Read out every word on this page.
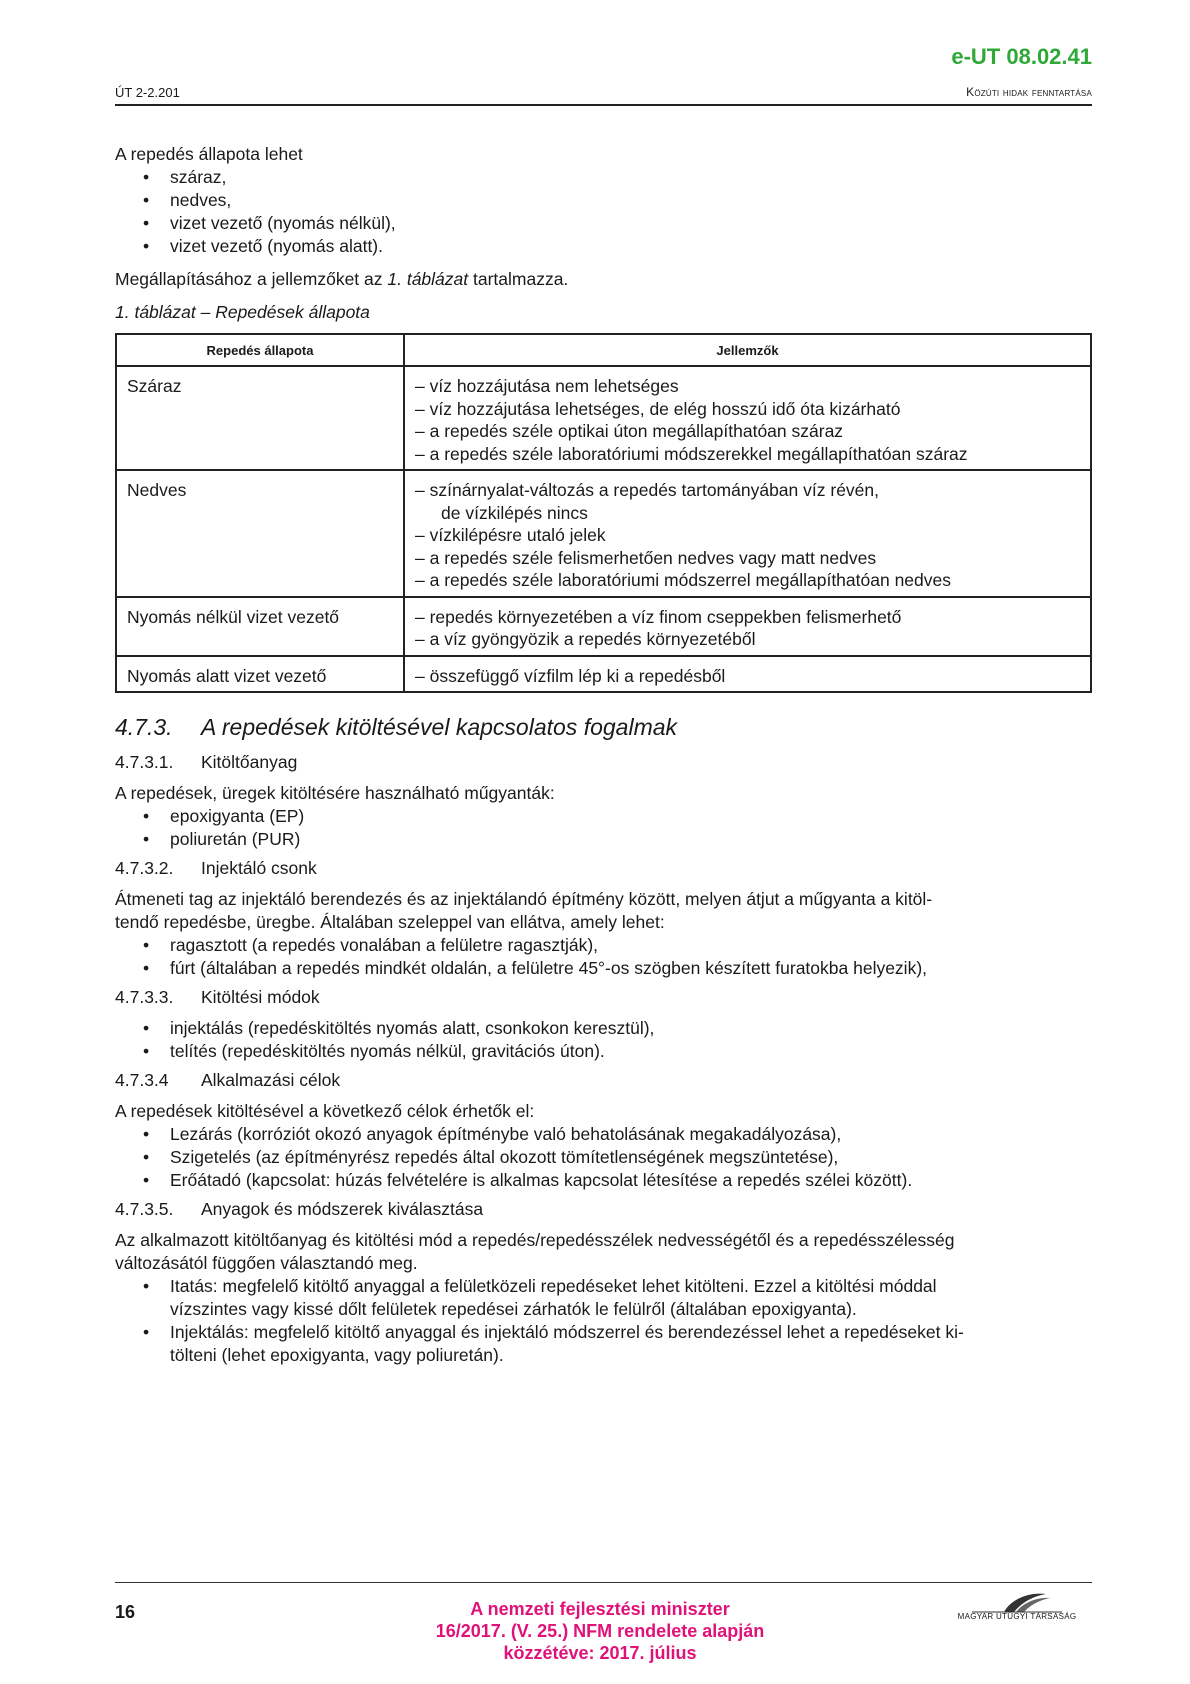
e-UT 08.02.41
ÚT 2-2.201	Közúti hidak fenntartása

A repedés állapota lehet

• száraz,
• nedves,
• vizet vezető (nyomás nélkül),
• vizet vezető (nyomás alatt).

Megállapításához a jellemzőket az 1. táblázat tartalmazza.

1. táblázat – Repedések állapota

Repedés állapota	Jellemzők
Száraz	– víz hozzájutása nem lehetséges
– víz hozzájutása lehetséges, de elég hosszú idő óta kizárható
– a repedés széle optikai úton megállapíthatóan száraz
– a repedés széle laboratóriumi módszerekkel megállapíthatóan száraz

Nedves	– színárnyalat-változás a repedés tartományában víz révén,
de vízkilépés nincs
– vízkilépésre utaló jelek
– a repedés széle felismerhetően nedves vagy matt nedves
– a repedés széle laboratóriumi módszerrel megállapíthatóan nedves

Nyomás nélkül vizet vezető	– repedés környezetében a víz finom cseppekben felismerhető
– a víz gyöngyözik a repedés környezetéből

Nyomás alatt vizet vezető	– összefüggő vízfilm lép ki a repedésből
4.7.3. A repedések kitöltésével kapcsolatos fogalmak
4.7.3.1. Kitöltőanyag

A repedések, üregek kitöltésére használható műgyanták:

• epoxigyanta (EP)
• poliuretán (PUR)
4.7.3.2. Injektáló csonk

Átmeneti tag az injektáló berendezés és az injektálandó építmény között, melyen átjut a műgyanta a kitöl-
tendő repedésbe, üregbe. Általában szeleppel van ellátva, amely lehet:

• ragasztott (a repedés vonalában a felületre ragasztják),
• fúrt (általában a repedés mindkét oldalán, a felületre 45°-os szögben készített furatokba helyezik),
4.7.3.3. Kitöltési módok
• injektálás (repedéskitöltés nyomás alatt, csonkokon keresztül),
• telítés (repedéskitöltés nyomás nélkül, gravitációs úton).
4.7.3.4 Alkalmazási célok

A repedések kitöltésével a következő célok érhetők el:

• Lezárás (korróziót okozó anyagok építménybe való behatolásának megakadályozása),
• Szigetelés (az építményrész repedés által okozott tömítetlenségének megszüntetése),
• Erőátadó (kapcsolat: húzás felvételére is alkalmas kapcsolat létesítése a repedés szélei között).
4.7.3.5. Anyagok és módszerek kiválasztása

Az alkalmazott kitöltőanyag és kitöltési mód a repedés/repedésszélek nedvességétől és a repedésszélesség
változásától függően választandó meg.

• Itatás: megfelelő kitöltő anyaggal a felületközeli repedéseket lehet kitölteni. Ezzel a kitöltési móddal
vízszintes vagy kissé dőlt felületek repedései zárhatók le felülről (általában epoxigyanta).
• Injektálás: megfelelő kitöltő anyaggal és injektáló módszerrel és berendezéssel lehet a repedéseket ki-
tölteni (lehet epoxigyanta, vagy poliuretán).
16	A nemzeti fejlesztési miniszter
16/2017. (V. 25.) NFM rendelete alapján
közzétéve: 2017. július
MAGYAR ÚTÜGYI TÁRSASÁG
